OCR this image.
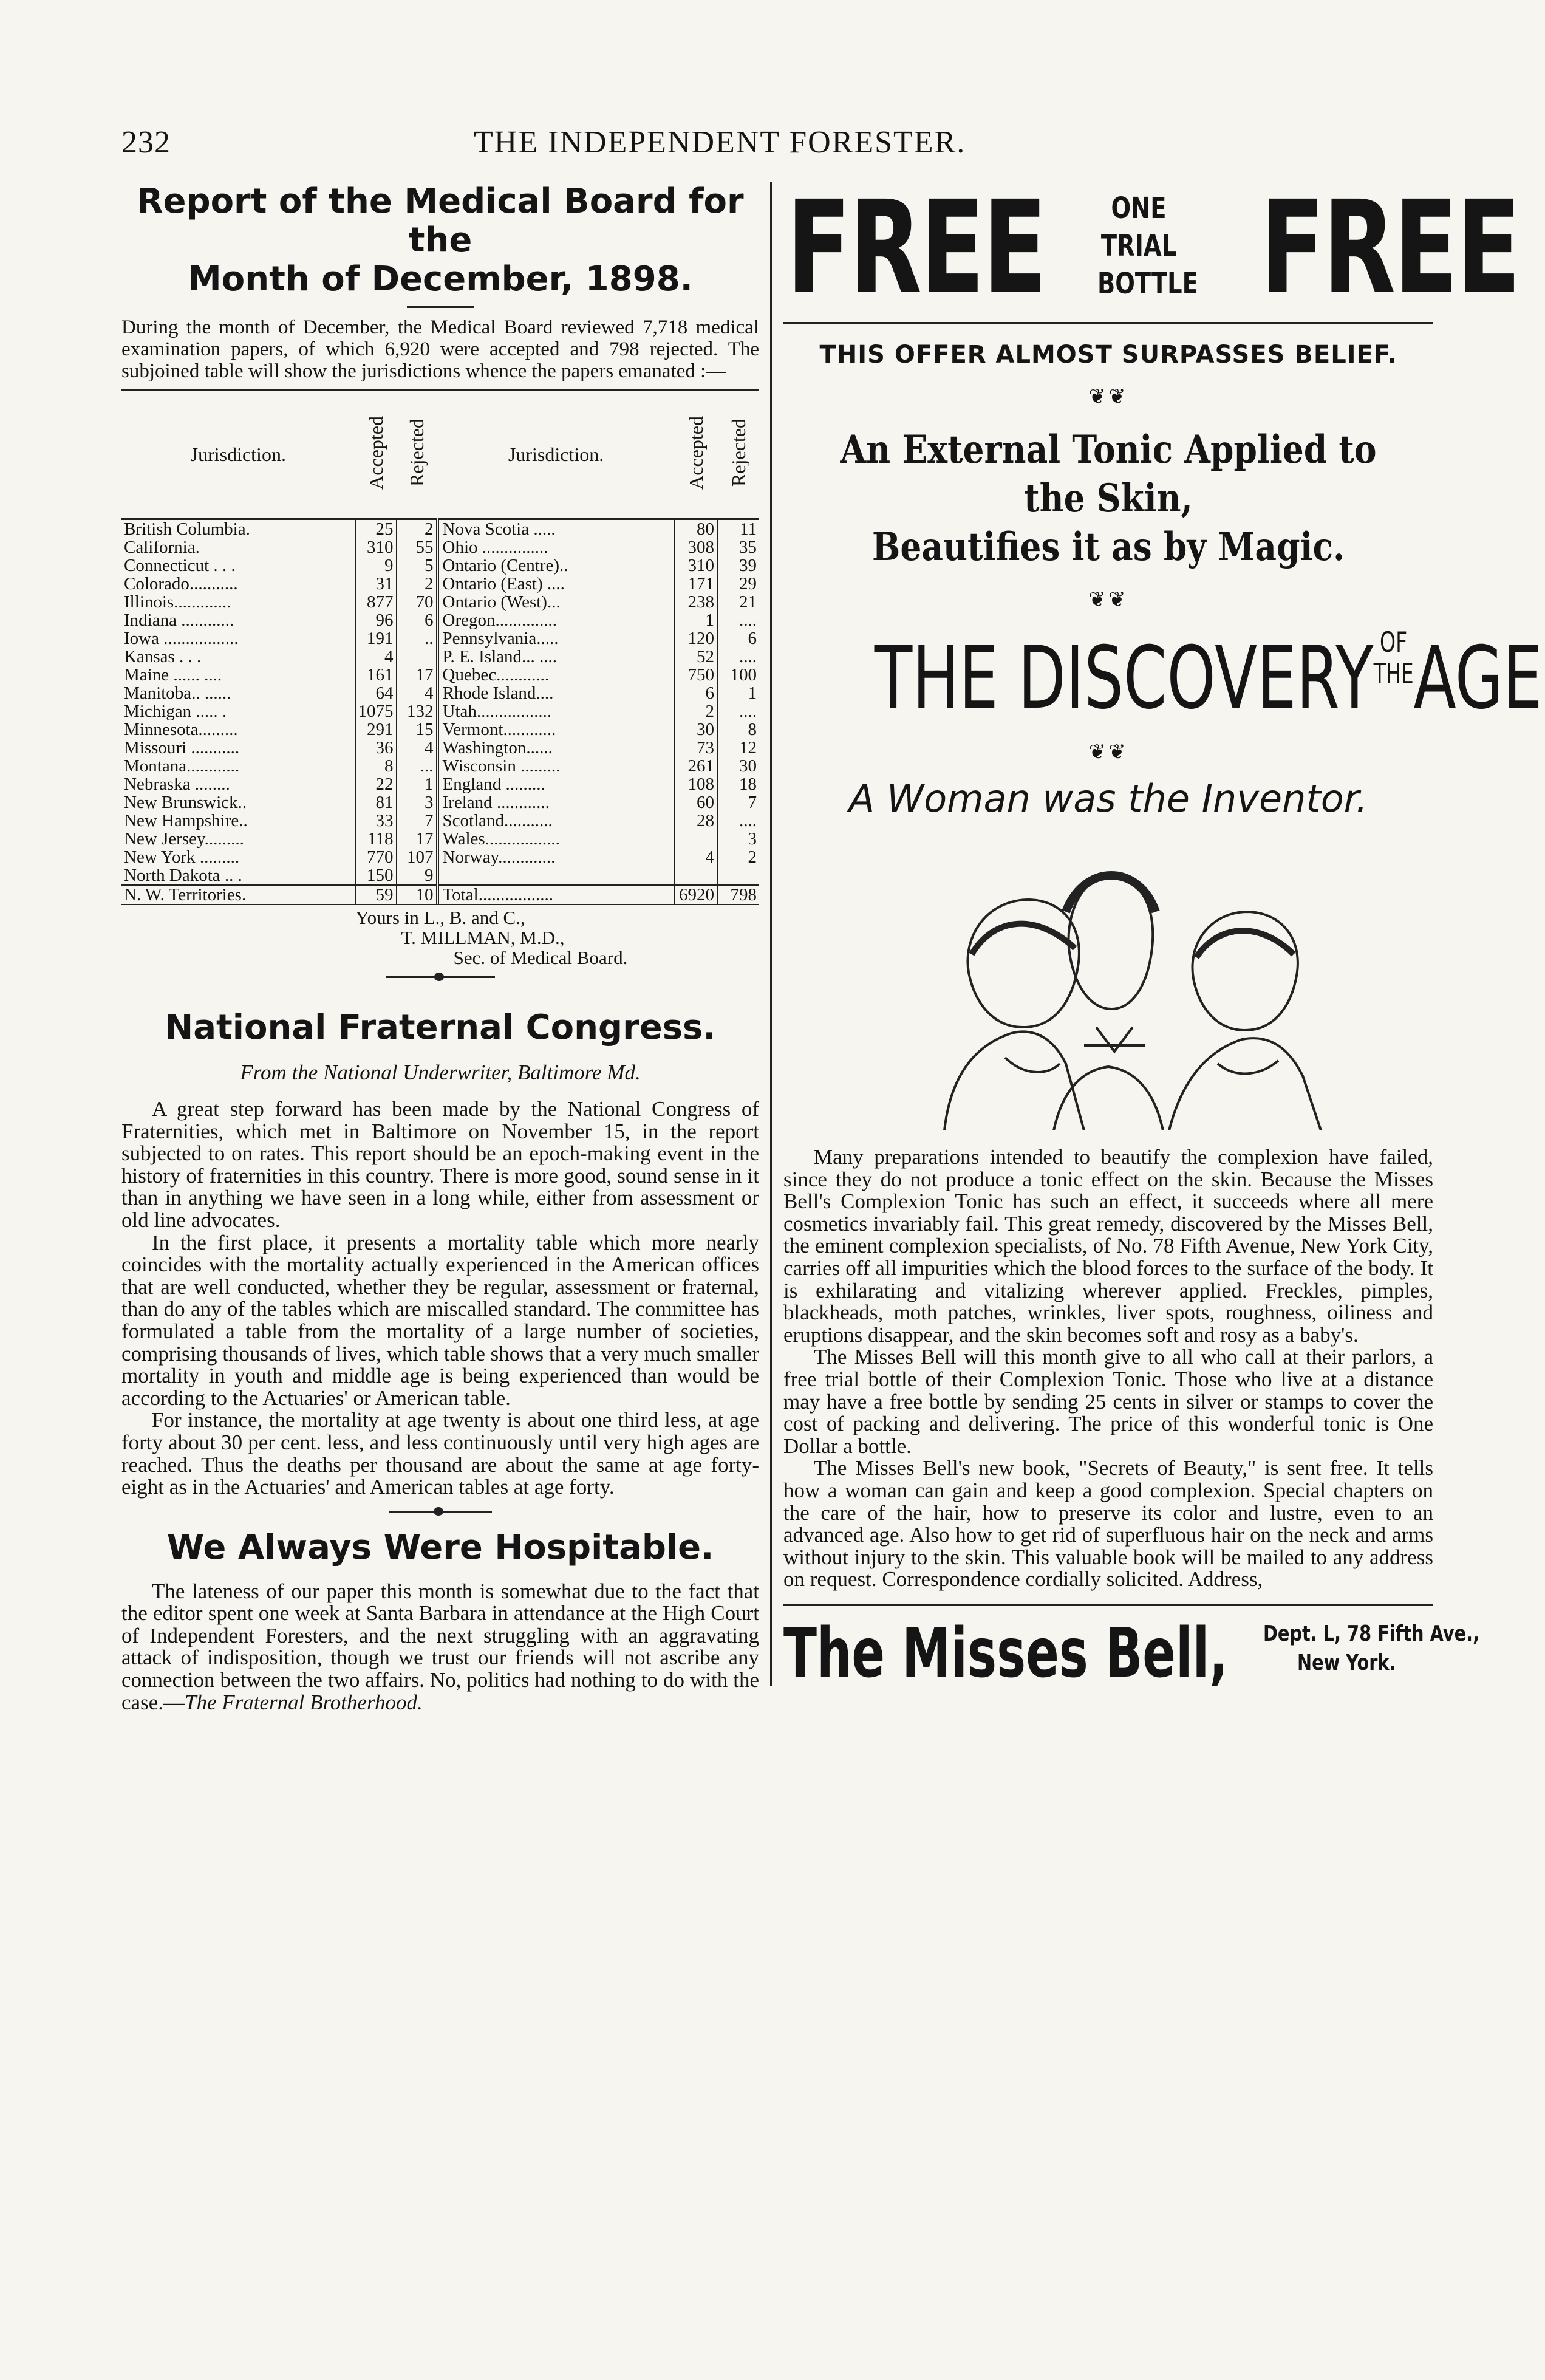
232	THE INDEPENDENT FORESTER.
Report of the Medical Board for the
Month of December, 1898.

During the month of December, the Medical Board reviewed 7,718 medical examination papers, of which 6,920 were accepted and 798 rejected. The subjoined table will show the jurisdictions whence the papers emanated :—

Jurisdiction.	Accepted	Rejected	Jurisdiction.	Accepted	Rejected
British Columbia.	25	2	Nova Scotia .....	80	11
California.	310	55	Ohio ...............	308	35
Connecticut . . .	9	5	Ontario (Centre)..	310	39
Colorado...........	31	2	Ontario (East) ....	171	29
Illinois.............	877	70	Ontario (West)...	238	21
Indiana ............	96	6	Oregon..............	1	....
Iowa .................	191	..	Pennsylvania.....	120	6
Kansas . . .	4		P. E. Island... ....	52	....
Maine ...... ....	161	17	Quebec............	750	100
Manitoba.. ......	64	4	Rhode Island....	6	1
Michigan ..... .	1075	132	Utah.................	2	....
Minnesota.........	291	15	Vermont............	30	8
Missouri ...........	36	4	Washington......	73	12
Montana............	8	...	Wisconsin .........	261	30
Nebraska ........	22	1	England .........	108	18
New Brunswick..	81	3	Ireland ............	60	7
New Hampshire..	33	7	Scotland...........	28	....
New Jersey.........	118	17	Wales.................		3
New York .........	770	107	Norway.............	4	2
North Dakota .. .	150	9			
N. W. Territories.	59	10	Total.................	6920	798
Yours in L., B. and C.,
T. MILLMAN, M.D.,
Sec. of Medical Board.
National Fraternal Congress.

From the National Underwriter, Baltimore Md.

A great step forward has been made by the National Congress of Fraternities, which met in Baltimore on November 15, in the report subjected to on rates. This report should be an epoch-making event in the history of fraternities in this country. There is more good, sound sense in it than in anything we have seen in a long while, either from assessment or old line advocates.

In the first place, it presents a mortality table which more nearly coincides with the mortality actually experienced in the American offices that are well conducted, whether they be regular, assessment or fraternal, than do any of the tables which are miscalled standard. The committee has formulated a table from the mortality of a large number of societies, comprising thousands of lives, which table shows that a very much smaller mortality in youth and middle age is being experienced than would be according to the Actuaries' or American table.

For instance, the mortality at age twenty is about one third less, at age forty about 30 per cent. less, and less continuously until very high ages are reached. Thus the deaths per thousand are about the same at age forty-eight as in the Actuaries' and American tables at age forty.

We Always Were Hospitable.

The lateness of our paper this month is somewhat due to the fact that the editor spent one week at Santa Barbara in attendance at the High Court of Independent Foresters, and the next struggling with an aggravating attack of indisposition, though we trust our friends will not ascribe any connection between the two affairs. No, politics had nothing to do with the case.—The Fraternal Brotherhood.

FREE	ONE
TRIAL
BOTTLE FREE
THIS OFFER ALMOST SURPASSES BELIEF.
❦❦

An External Tonic Applied to the Skin,

Beautifies it as by Magic.

❦❦
THE DISCOVERY OF
THEAGE
❦❦
A Woman was the Inventor.

Many preparations intended to beautify the complexion have failed, since they do not produce a tonic effect on the skin. Because the Misses Bell's Complexion Tonic has such an effect, it succeeds where all mere cosmetics invariably fail. This great remedy, discovered by the Misses Bell, the eminent complexion specialists, of No. 78 Fifth Avenue, New York City, carries off all impurities which the blood forces to the surface of the body. It is exhilarating and vitalizing wherever applied. Freckles, pimples, blackheads, moth patches, wrinkles, liver spots, roughness, oiliness and eruptions disappear, and the skin becomes soft and rosy as a baby's.

The Misses Bell will this month give to all who call at their parlors, a free trial bottle of their Complexion Tonic. Those who live at a distance may have a free bottle by sending 25 cents in silver or stamps to cover the cost of packing and delivering. The price of this wonderful tonic is One Dollar a bottle.

The Misses Bell's new book, "Secrets of Beauty," is sent free. It tells how a woman can gain and keep a good complexion. Special chapters on the care of the hair, how to preserve its color and lustre, even to an advanced age. Also how to get rid of superfluous hair on the neck and arms without injury to the skin. This valuable book will be mailed to any address on request. Correspondence cordially solicited. Address,

The Misses Bell, Dept. L, 78 Fifth Ave.,
New York.
